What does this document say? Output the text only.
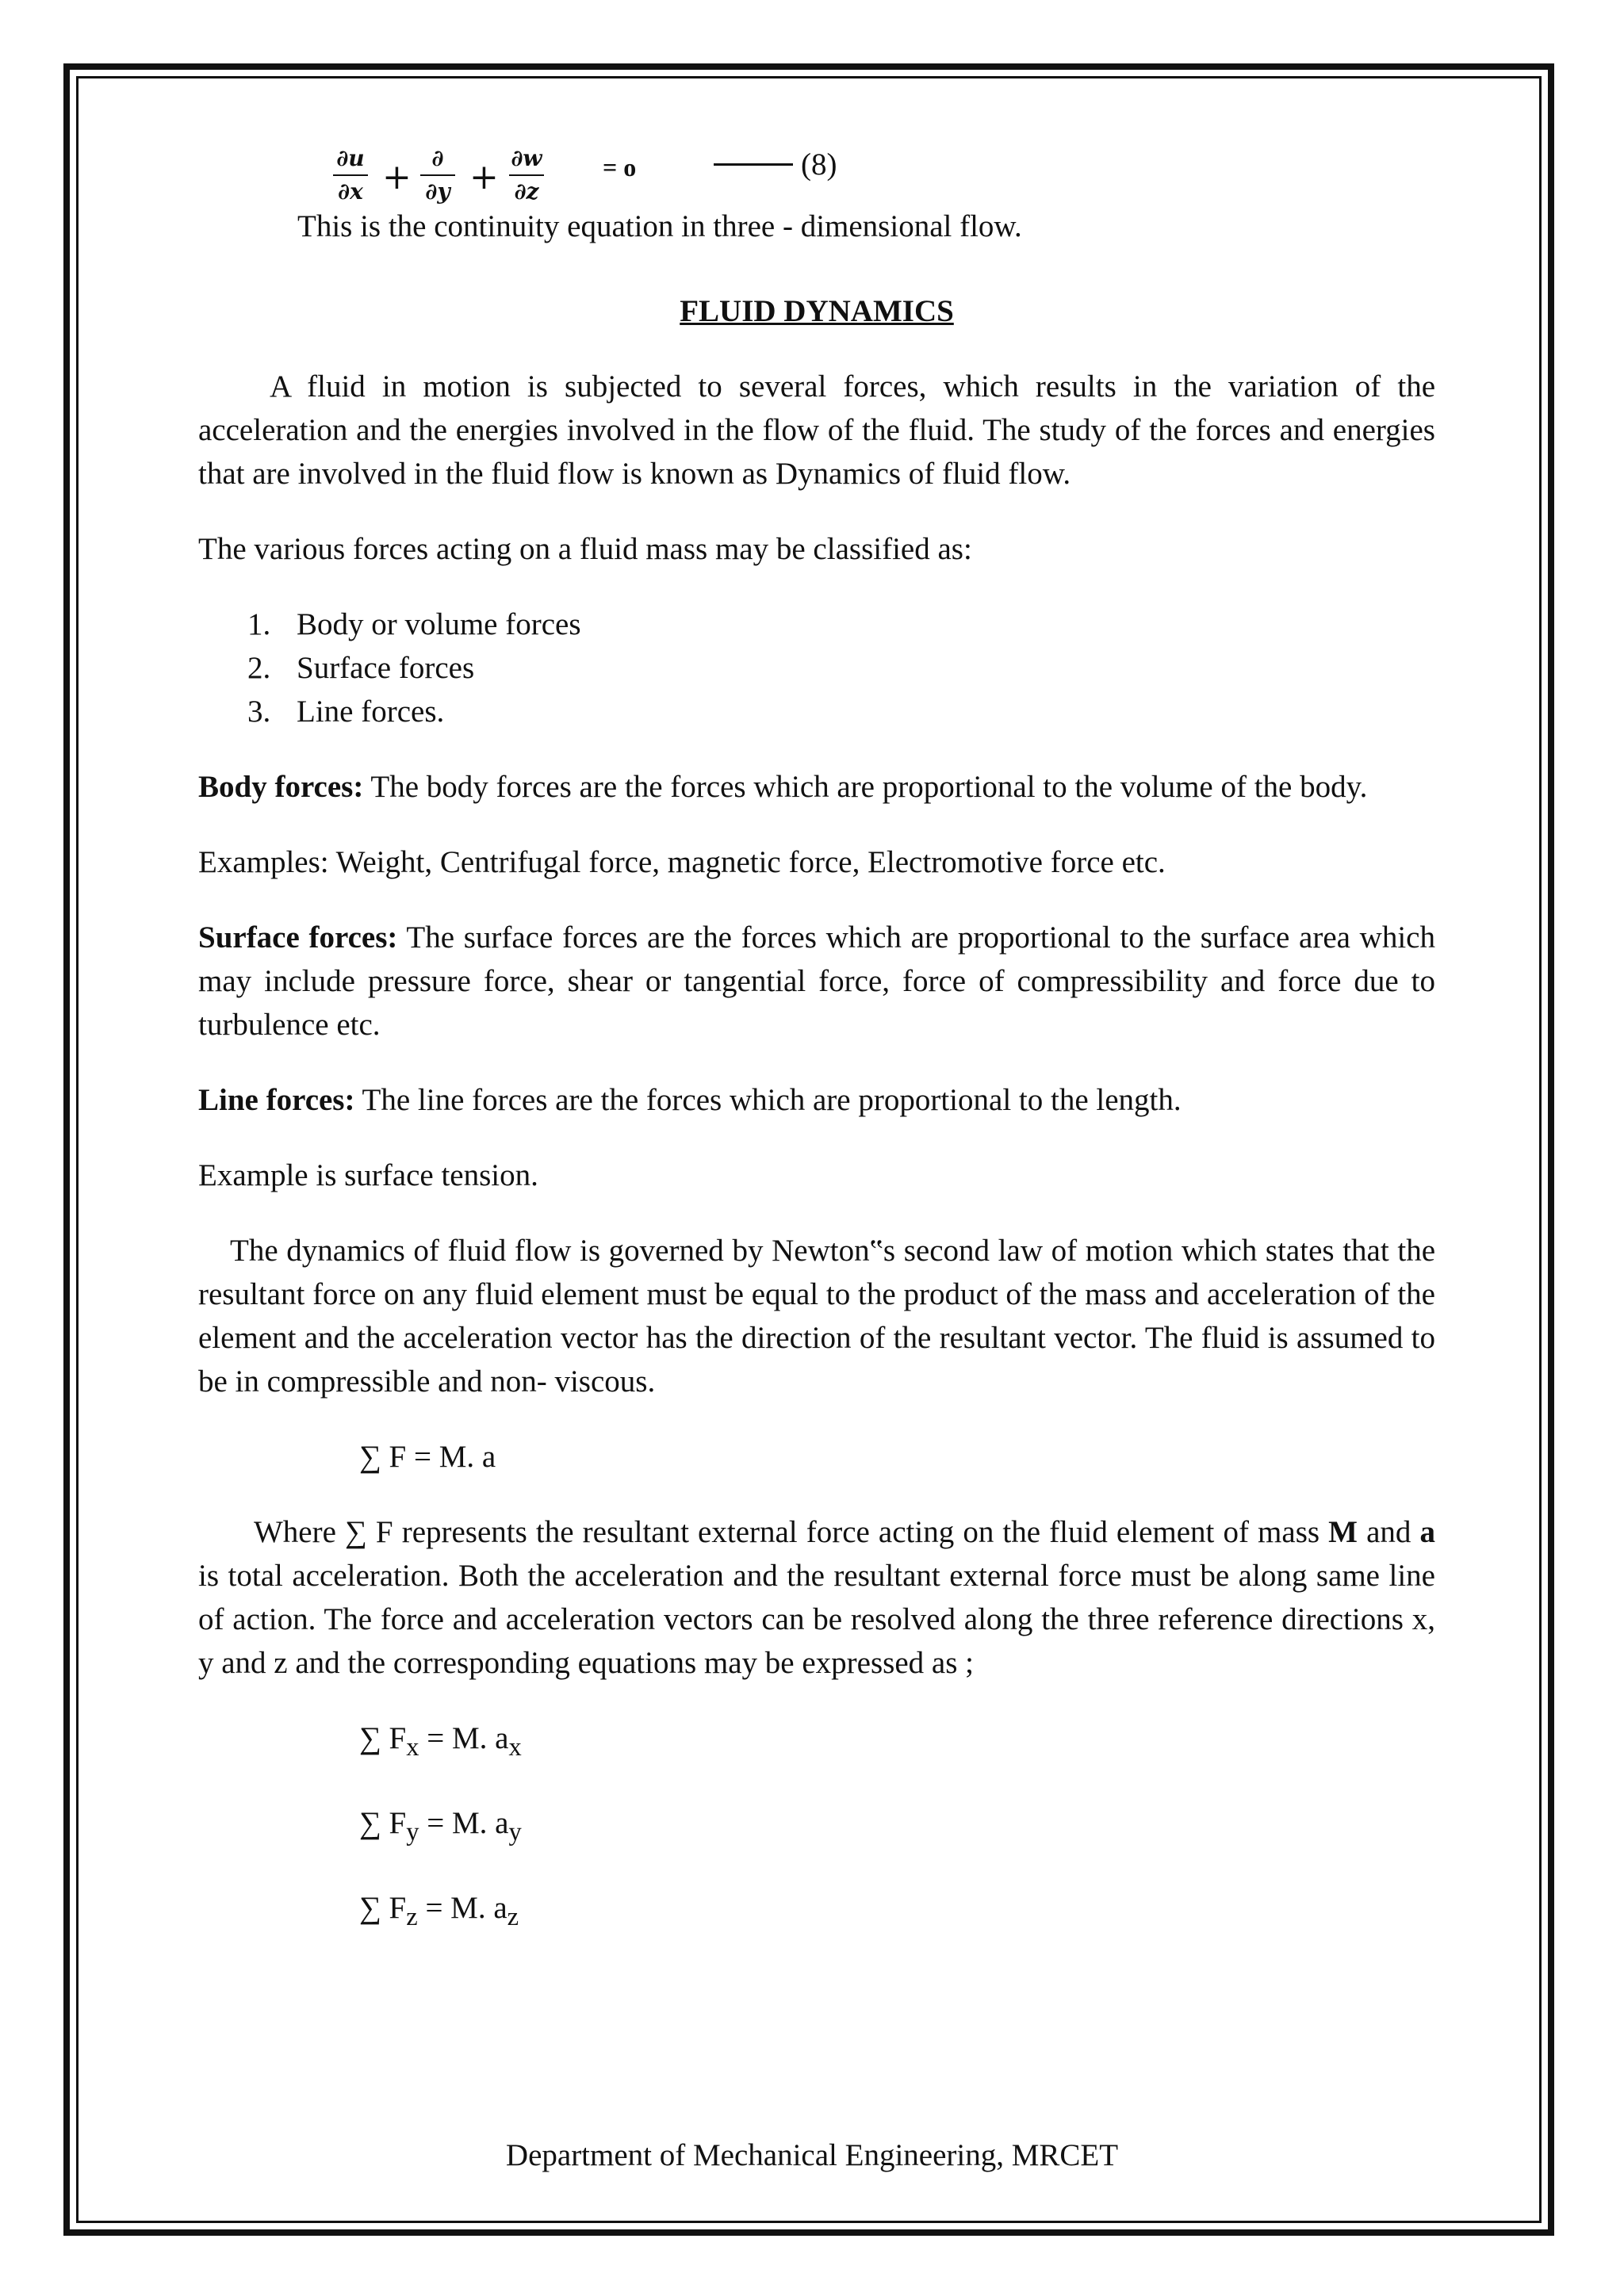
$\frac{\partial u}{\partial x}$ + ∂
$\partial y + \frac{\partial w}{\partial z} = o$	(8)

This is the continuity equation in three - dimensional flow.

FLUID DYNAMICS

A fluid in motion is subjected to several forces, which results in the variation of the acceleration and the energies involved in the flow of the fluid. The study of the forces and energies that are involved in the fluid flow is known as Dynamics of fluid flow.

The various forces acting on a fluid mass may be classified as:

1. Body or volume forces
2. Surface forces
3. Line forces.

Body forces: The body forces are the forces which are proportional to the volume of the body.

Examples: Weight, Centrifugal force, magnetic force, Electromotive force etc.

Surface forces: The surface forces are the forces which are proportional to the surface area which may include pressure force, shear or tangential force, force of compressibility and force due to turbulence etc.

Line forces: The line forces are the forces which are proportional to the length.

Example is surface tension.

The dynamics of fluid flow is governed by Newton‟s second law of motion which states that the resultant force on any fluid element must be equal to the product of the mass and acceleration of the element and the acceleration vector has the direction of the resultant vector. The fluid is assumed to be in compressible and non- viscous.

∑ F = M. a

Where ∑ F represents the resultant external force acting on the fluid element of mass M and a is total acceleration. Both the acceleration and the resultant external force must be along same line of action. The force and acceleration vectors can be resolved along the three reference directions x, y and z and the corresponding equations may be expressed as ;

∑ $F_x = M$. $a_x$
∑ $F_y = M$. $a_y$
∑ $F_z = M$. $a_z$
Department of Mechanical Engineering, MRCET
